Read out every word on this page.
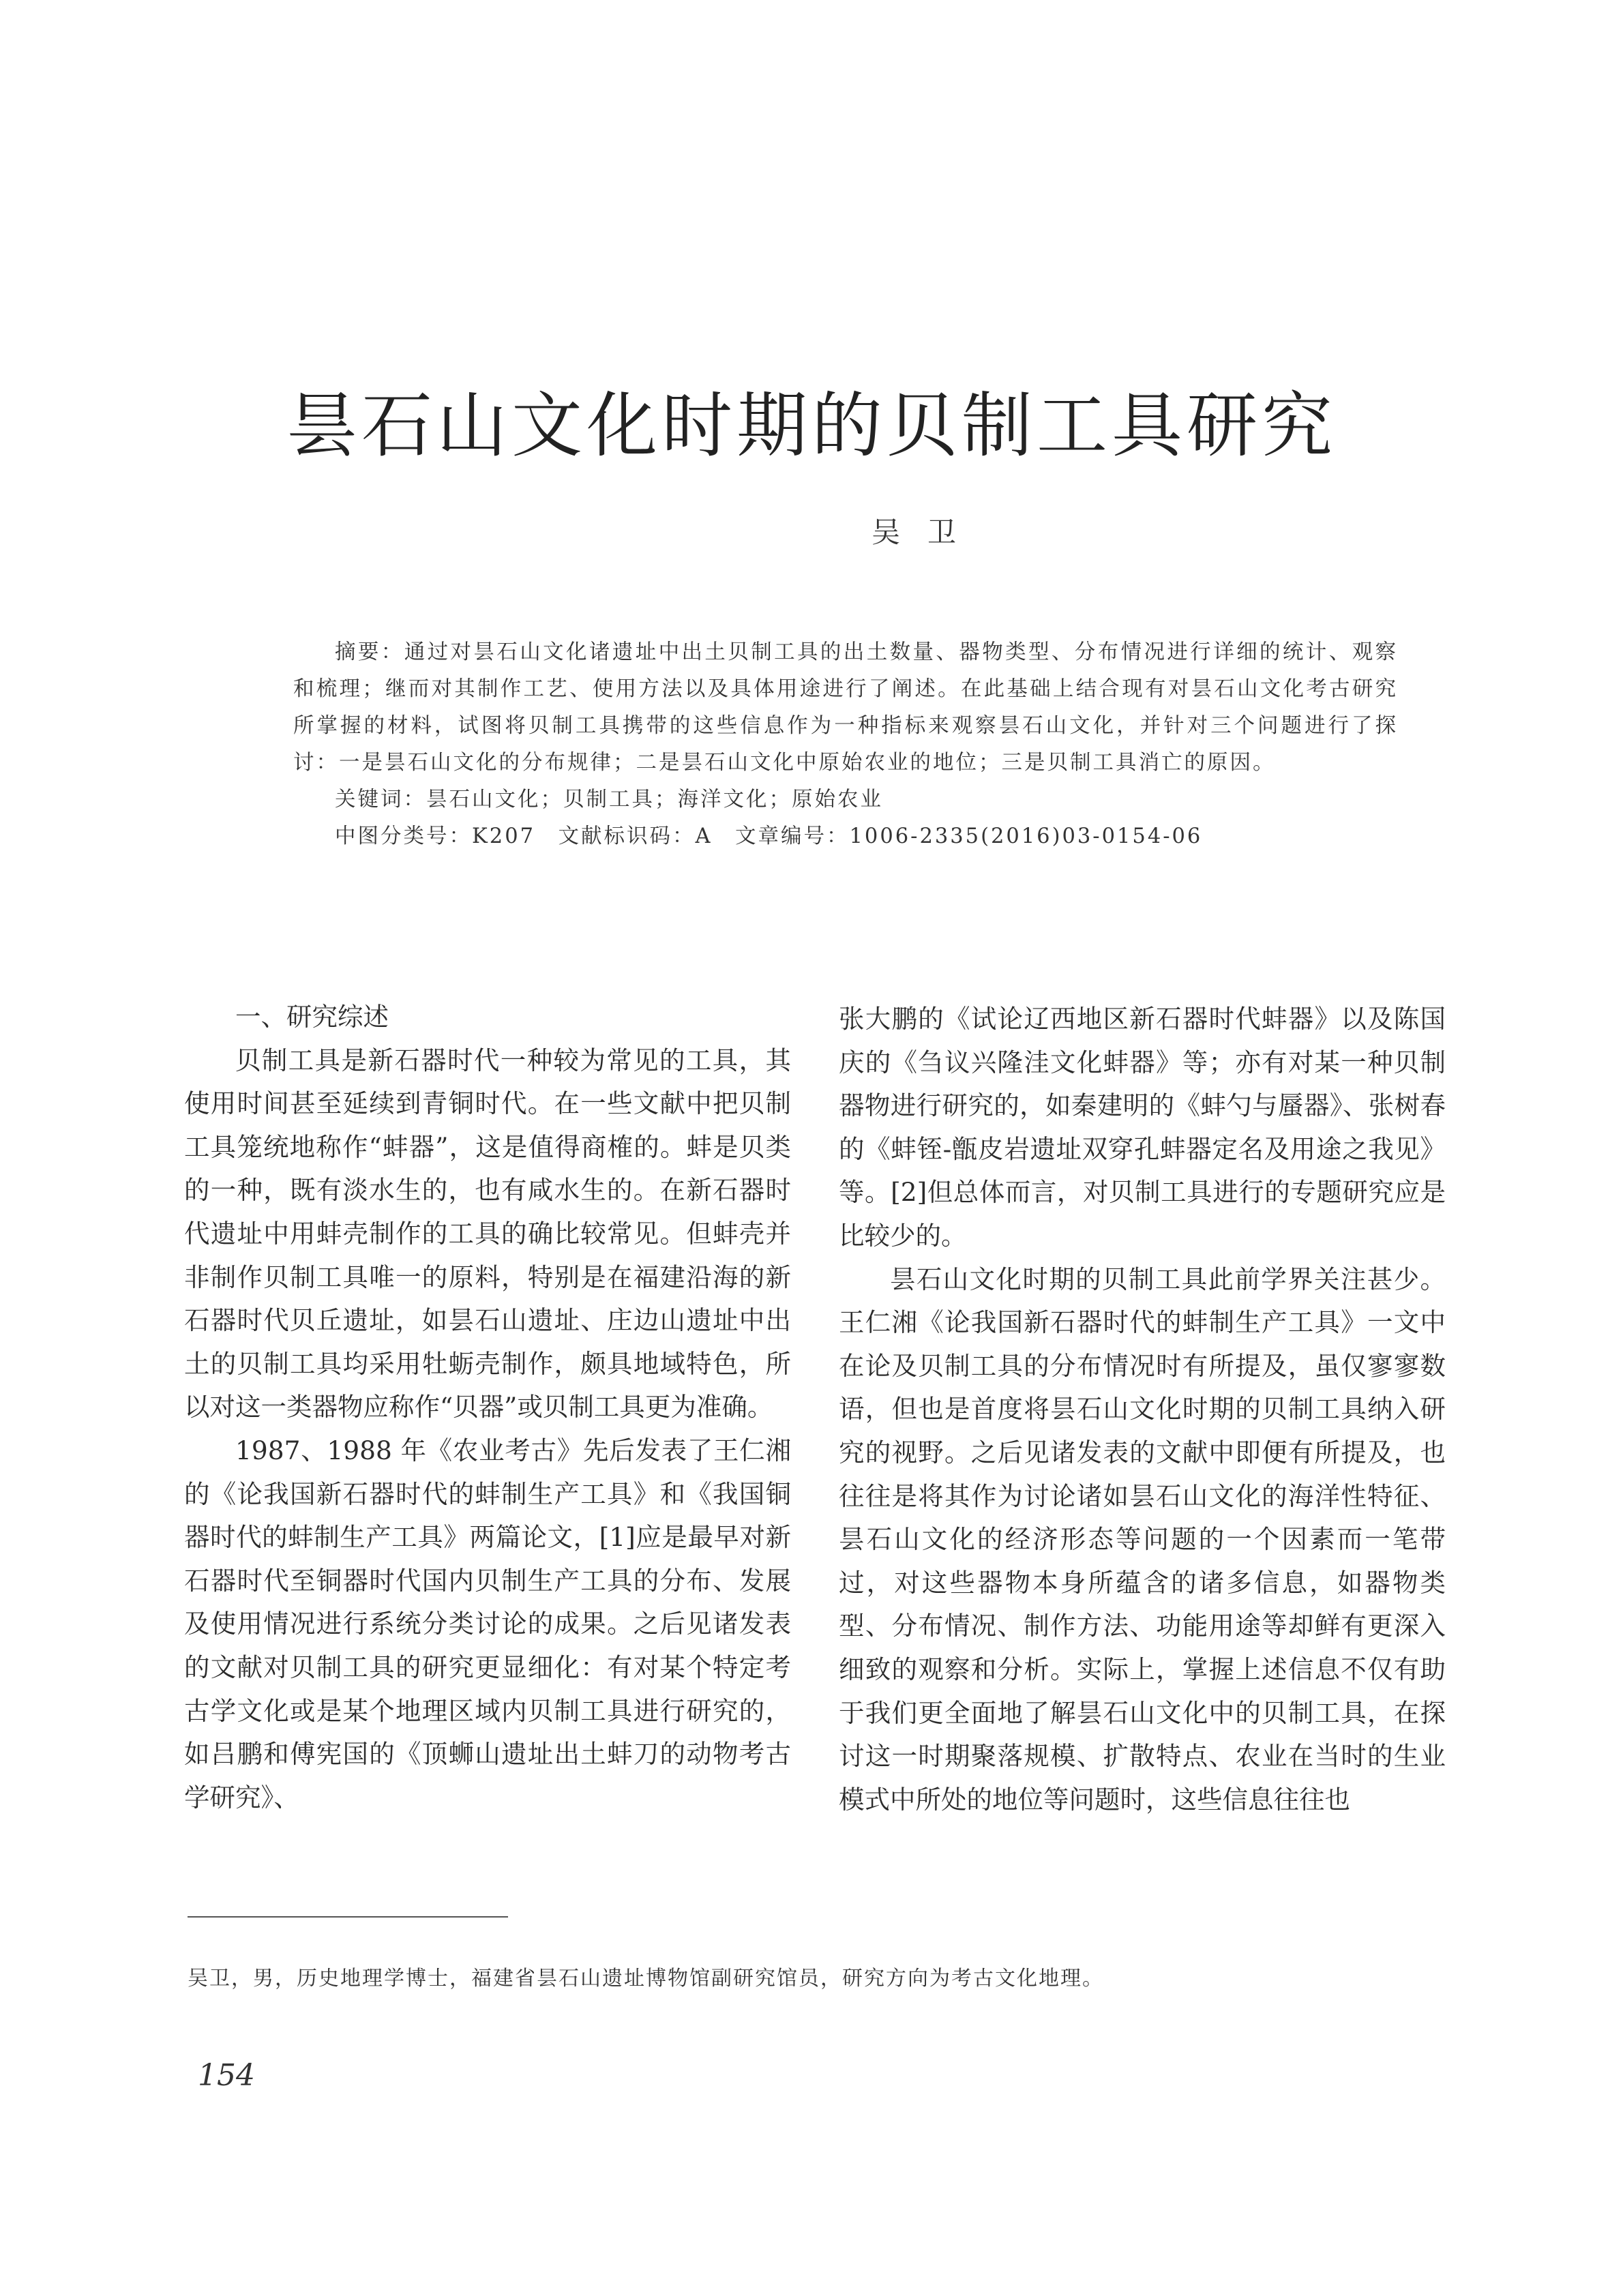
昙石山文化时期的贝制工具研究
吴卫

摘要：通过对昙石山文化诸遗址中出土贝制工具的出土数量、器物类型、分布情况进行详细的统计、观察和梳理；继而对其制作工艺、使用方法以及具体用途进行了阐述。在此基础上结合现有对昙石山文化考古研究所掌握的材料，试图将贝制工具携带的这些信息作为一种指标来观察昙石山文化，并针对三个问题进行了探讨：一是昙石山文化的分布规律；二是昙石山文化中原始农业的地位；三是贝制工具消亡的原因。

关键词：昙石山文化；贝制工具；海洋文化；原始农业
中图分类号：K207　文献标识码：A　文章编号：1006-2335(2016)03-0154-06

一、研究综述

贝制工具是新石器时代一种较为常见的工具，其使用时间甚至延续到青铜时代。在一些文献中把贝制工具笼统地称作“蚌器”，这是值得商榷的。蚌是贝类的一种，既有淡水生的，也有咸水生的。在新石器时代遗址中用蚌壳制作的工具的确比较常见。但蚌壳并非制作贝制工具唯一的原料，特别是在福建沿海的新石器时代贝丘遗址，如昙石山遗址、庄边山遗址中出土的贝制工具均采用牡蛎壳制作，颇具地域特色，所以对这一类器物应称作“贝器”或贝制工具更为准确。

1987、1988 年《农业考古》先后发表了王仁湘的《论我国新石器时代的蚌制生产工具》和《我国铜器时代的蚌制生产工具》两篇论文，[1]应是最早对新石器时代至铜器时代国内贝制生产工具的分布、发展及使用情况进行系统分类讨论的成果。之后见诸发表的文献对贝制工具的研究更显细化：有对某个特定考古学文化或是某个地理区域内贝制工具进行研究的，如吕鹏和傅宪国的《顶蛳山遗址出土蚌刀的动物考古学研究》、

张大鹏的《试论辽西地区新石器时代蚌器》以及陈国庆的《刍议兴隆洼文化蚌器》等；亦有对某一种贝制器物进行研究的，如秦建明的《蚌勺与蜃器》、张树春的《蚌铚-甑皮岩遗址双穿孔蚌器定名及用途之我见》等。[2]但总体而言，对贝制工具进行的专题研究应是比较少的。

昙石山文化时期的贝制工具此前学界关注甚少。王仁湘《论我国新石器时代的蚌制生产工具》一文中在论及贝制工具的分布情况时有所提及，虽仅寥寥数语，但也是首度将昙石山文化时期的贝制工具纳入研究的视野。之后见诸发表的文献中即便有所提及，也往往是将其作为讨论诸如昙石山文化的海洋性特征、昙石山文化的经济形态等问题的一个因素而一笔带过，对这些器物本身所蕴含的诸多信息，如器物类型、分布情况、制作方法、功能用途等却鲜有更深入细致的观察和分析。实际上，掌握上述信息不仅有助于我们更全面地了解昙石山文化中的贝制工具，在探讨这一时期聚落规模、扩散特点、农业在当时的生业模式中所处的地位等问题时，这些信息往往也

吴卫，男，历史地理学博士，福建省昙石山遗址博物馆副研究馆员，研究方向为考古文化地理。
154
